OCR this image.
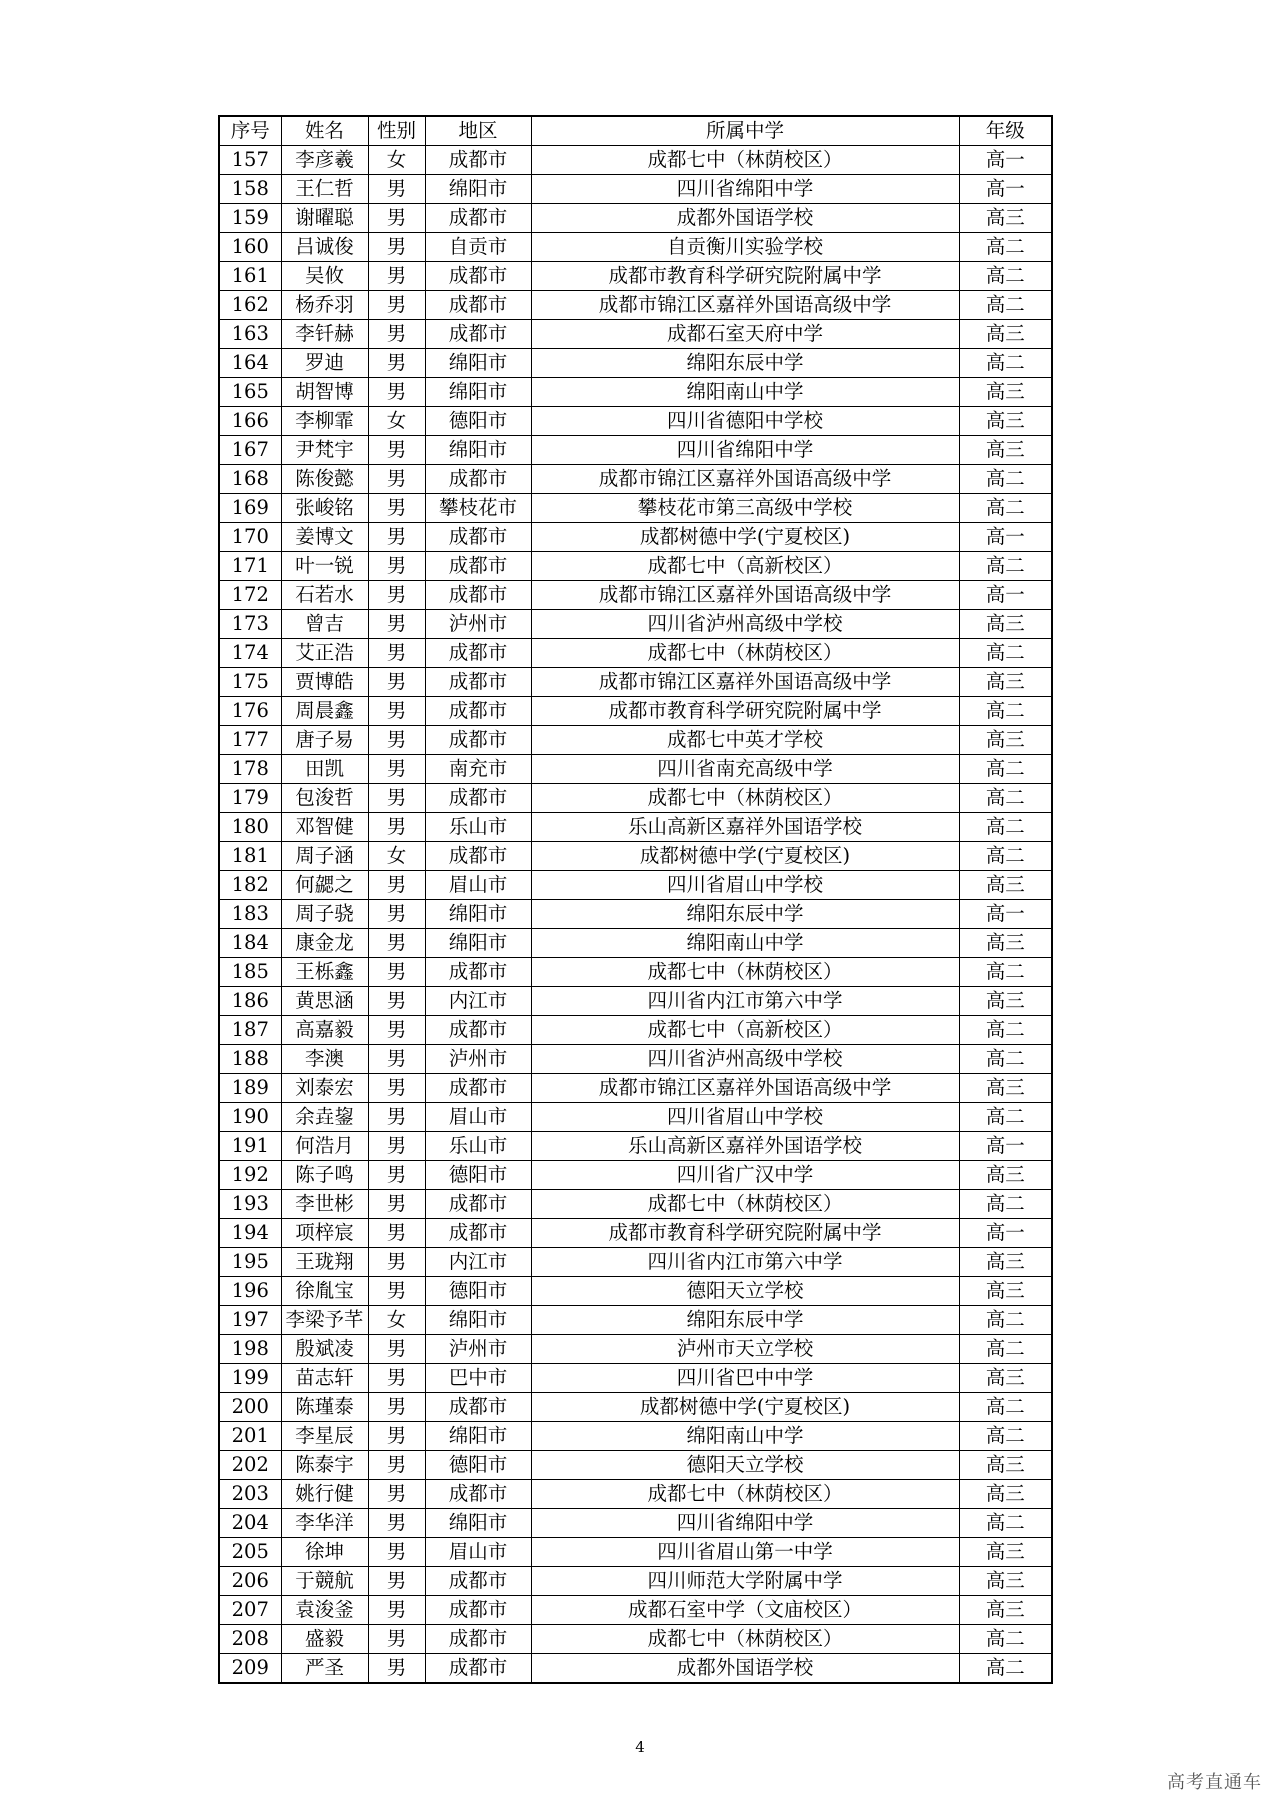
序号	姓名	性别	地区	所属中学	年级
157	李彦羲	女	成都市	成都七中（林荫校区）	高一
158	王仁哲	男	绵阳市	四川省绵阳中学	高一
159	谢曜聪	男	成都市	成都外国语学校	高三
160	吕诚俊	男	自贡市	自贡衡川实验学校	高二
161	吴攸	男	成都市	成都市教育科学研究院附属中学	高二
162	杨乔羽	男	成都市	成都市锦江区嘉祥外国语高级中学	高二
163	李钎赫	男	成都市	成都石室天府中学	高三
164	罗迪	男	绵阳市	绵阳东辰中学	高二
165	胡智博	男	绵阳市	绵阳南山中学	高三
166	李柳霏	女	德阳市	四川省德阳中学校	高三
167	尹梵宇	男	绵阳市	四川省绵阳中学	高三
168	陈俊懿	男	成都市	成都市锦江区嘉祥外国语高级中学	高二
169	张峻铭	男	攀枝花市	攀枝花市第三高级中学校	高二
170	姜博文	男	成都市	成都树德中学(宁夏校区)	高一
171	叶一锐	男	成都市	成都七中（高新校区）	高二
172	石若水	男	成都市	成都市锦江区嘉祥外国语高级中学	高一
173	曾吉	男	泸州市	四川省泸州高级中学校	高三
174	艾正浩	男	成都市	成都七中（林荫校区）	高二
175	贾博皓	男	成都市	成都市锦江区嘉祥外国语高级中学	高三
176	周晨鑫	男	成都市	成都市教育科学研究院附属中学	高二
177	唐子易	男	成都市	成都七中英才学校	高三
178	田凯	男	南充市	四川省南充高级中学	高二
179	包浚哲	男	成都市	成都七中（林荫校区）	高二
180	邓智健	男	乐山市	乐山高新区嘉祥外国语学校	高二
181	周子涵	女	成都市	成都树德中学(宁夏校区)	高二
182	何勰之	男	眉山市	四川省眉山中学校	高三
183	周子骁	男	绵阳市	绵阳东辰中学	高一
184	康金龙	男	绵阳市	绵阳南山中学	高三
185	王栎鑫	男	成都市	成都七中（林荫校区）	高二
186	黄思涵	男	内江市	四川省内江市第六中学	高三
187	高嘉毅	男	成都市	成都七中（高新校区）	高二
188	李澳	男	泸州市	四川省泸州高级中学校	高二
189	刘泰宏	男	成都市	成都市锦江区嘉祥外国语高级中学	高三
190	余垚鋆	男	眉山市	四川省眉山中学校	高二
191	何浩月	男	乐山市	乐山高新区嘉祥外国语学校	高一
192	陈子鸣	男	德阳市	四川省广汉中学	高三
193	李世彬	男	成都市	成都七中（林荫校区）	高二
194	项梓宸	男	成都市	成都市教育科学研究院附属中学	高一
195	王珑翔	男	内江市	四川省内江市第六中学	高三
196	徐胤宝	男	德阳市	德阳天立学校	高三
197	李梁予芊	女	绵阳市	绵阳东辰中学	高二
198	殷斌凌	男	泸州市	泸州市天立学校	高二
199	苗志轩	男	巴中市	四川省巴中中学	高三
200	陈瑾泰	男	成都市	成都树德中学(宁夏校区)	高二
201	李星辰	男	绵阳市	绵阳南山中学	高二
202	陈泰宇	男	德阳市	德阳天立学校	高三
203	姚行健	男	成都市	成都七中（林荫校区）	高三
204	李华洋	男	绵阳市	四川省绵阳中学	高二
205	徐坤	男	眉山市	四川省眉山第一中学	高三
206	于競航	男	成都市	四川师范大学附属中学	高三
207	袁浚釜	男	成都市	成都石室中学（文庙校区）	高三
208	盛毅	男	成都市	成都七中（林荫校区）	高二
209	严圣	男	成都市	成都外国语学校	高二
4
高考直通车
